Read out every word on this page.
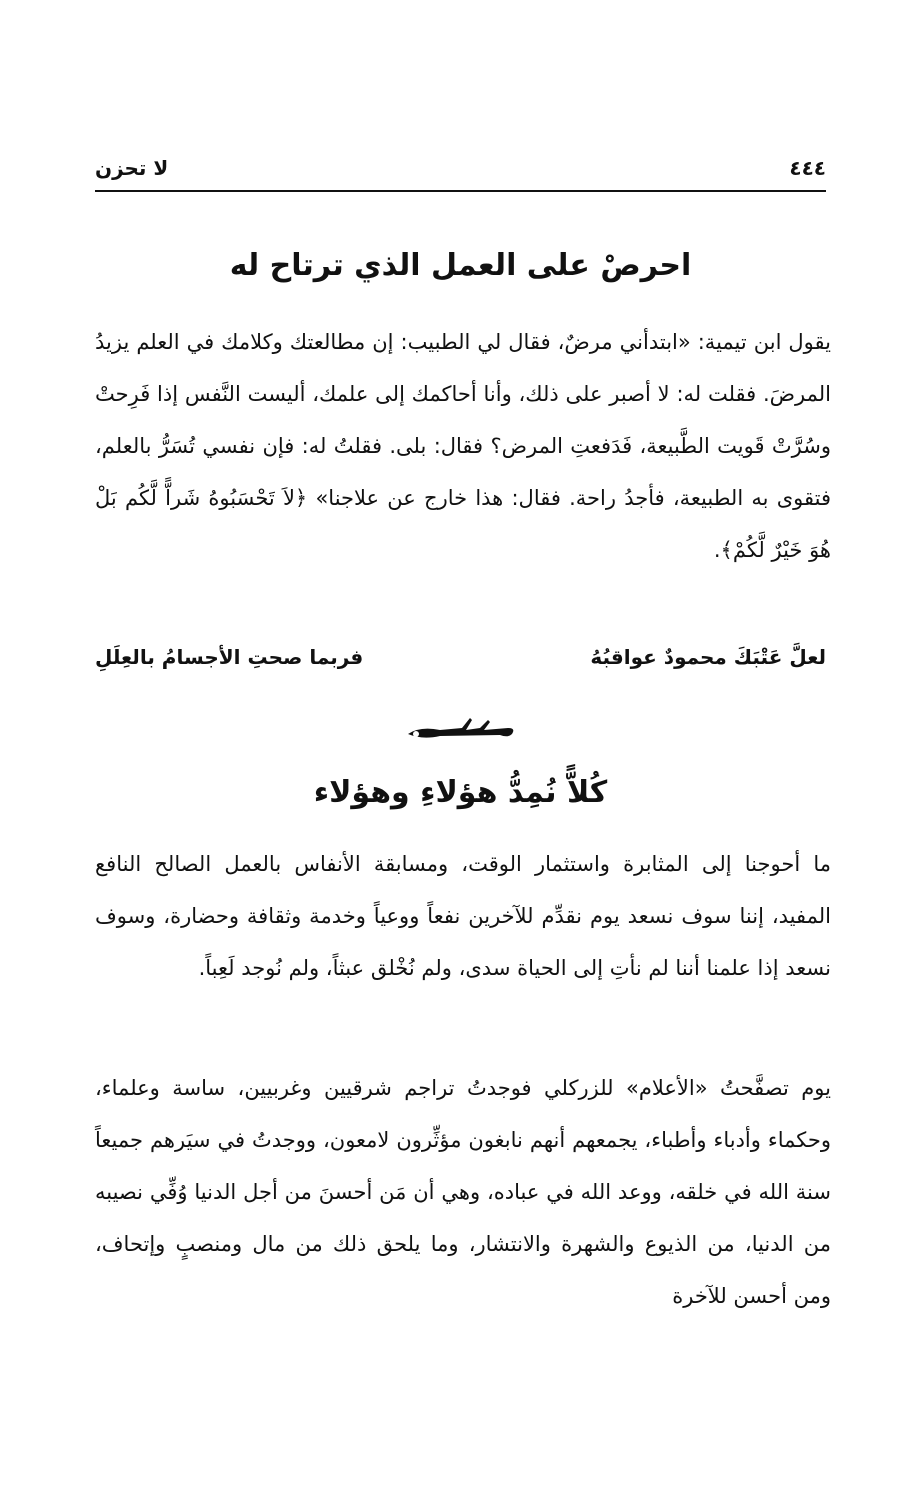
لا تحزن	٤٤٤
احرصْ على العمل الذي ترتاح له

يقول ابن تيمية: «ابتدأني مرضٌ، فقال لي الطبيب: إن مطالعتك وكلامك في العلم يزيدُ المرضَ. فقلت له: لا أصبر على ذلك، وأنا أحاكمك إلى علمك، أليست النَّفس إذا فَرِحتْ وسُرَّتْ قَويت الطَّبيعة، فَدَفعتِ المرض؟ فقال: بلى. فقلتُ له: فإن نفسي تُسَرُّ بالعلم، فتقوى به الطبيعة، فأجدُ راحة. فقال: هذا خارج عن علاجنا» ﴿لاَ تَحْسَبُوهُ شَراًّ لَّكُم بَلْ هُوَ خَيْرٌ لَّكُمْ﴾.

لعلَّ عَتْبَكَ محمودٌ عواقبُهُ
فربما صحتِ الأجسامُ بالعِلَلِ
كُلاًّ نُمِدُّ هؤلاءِ وهؤلاء

ما أحوجنا إلى المثابرة واستثمار الوقت، ومسابقة الأنفاس بالعمل الصالح النافع المفيد، إننا سوف نسعد يوم نقدِّم للآخرين نفعاً ووعياً وخدمة وثقافة وحضارة، وسوف نسعد إذا علمنا أننا لم نأتِ إلى الحياة سدى، ولم نُخْلق عبثاً، ولم نُوجد لَعِباً.

يوم تصفَّحتُ «الأعلام» للزركلي فوجدتُ تراجم شرقيين وغربيين، ساسة وعلماء، وحكماء وأدباء وأطباء، يجمعهم أنهم نابغون مؤثِّرون لامعون، ووجدتُ في سيَرهم جميعاً سنة الله في خلقه، ووعد الله في عباده، وهي أن مَن أحسنَ من أجل الدنيا وُفِّي نصيبه من الدنيا، من الذيوع والشهرة والانتشار، وما يلحق ذلك من مال ومنصبٍ وإتحاف، ومن أحسن للآخرة
